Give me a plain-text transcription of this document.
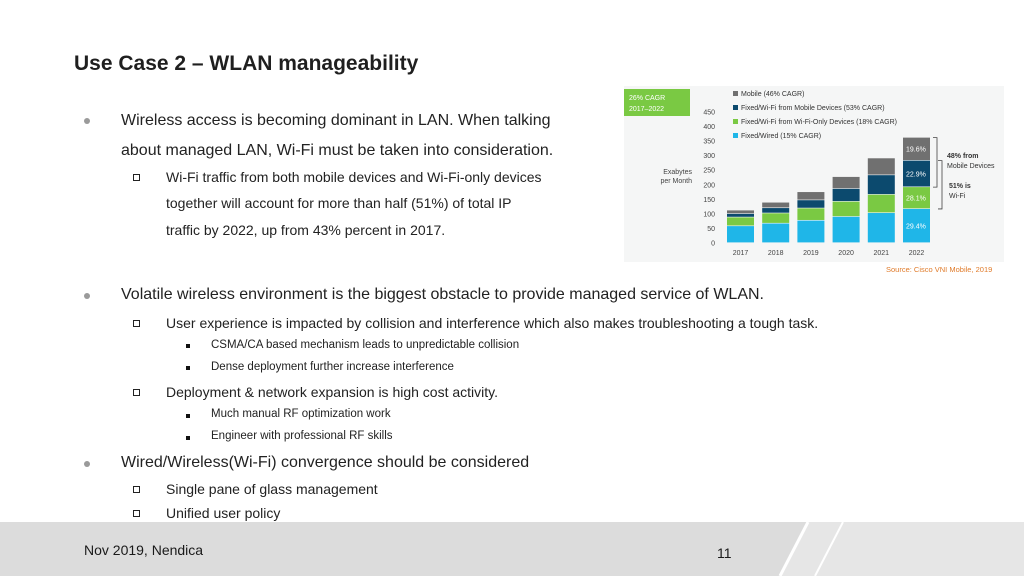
Use Case 2 – WLAN manageability
Wireless access is becoming dominant in LAN. When talking
about managed LAN, Wi-Fi must be taken into consideration.
Wi-Fi traffic from both mobile devices and Wi-Fi-only devices
together will account for more than half (51%) of total IP
traffic by 2022, up from 43% percent in 2017.
26% CAGR
2017–2022
Exabytes
per Month
0
50
100
150
200
250
300
350
400
450
Mobile (46% CAGR)
Fixed/Wi-Fi from Mobile Devices (53% CAGR)
Fixed/Wi-Fi from Wi-Fi-Only Devices (18% CAGR)
Fixed/Wired (15% CAGR)
2017	2018	2019	2020	2021
29.4%
28.1%
22.9%
19.6%
2022
48% from
Mobile Devices
51% is
Wi-Fi
Source: Cisco VNI Mobile, 2019
Volatile wireless environment is the biggest obstacle to provide managed service of WLAN.
User experience is impacted by collision and interference which also makes troubleshooting a tough task.
CSMA/CA based mechanism leads to unpredictable collision
Dense deployment further increase interference
Deployment & network expansion is high cost activity.
Much manual RF optimization work
Engineer with professional RF skills
Wired/Wireless(Wi-Fi) convergence should be considered
Single pane of glass management
Unified user policy
Nov 2019, Nendica	11
